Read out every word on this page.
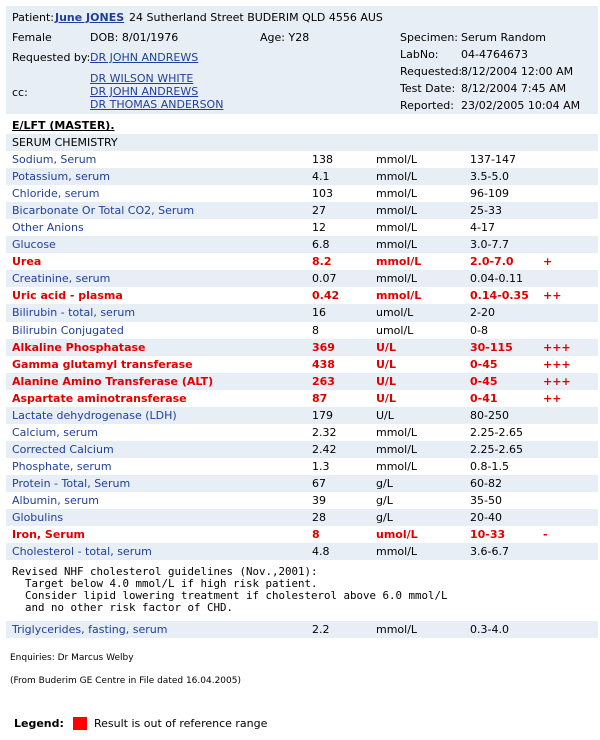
Patient: June JONES 24 Sutherland Street BUDERIM QLD 4556 AUS
Female	DOB: 8/01/1976	Age: Y28
Requested by: DR JOHN ANDREWS
cc:
DR WILSON WHITE
DR JOHN ANDREWS
DR THOMAS ANDERSON
Specimen: Serum Random
LabNo: 04-4764673
Requested:
8/12/2004 12:00 AM
Test Date: 8/12/2004 7:45 AM
Reported: 23/02/2005 10:04 AM
E/LFT (MASTER).
SERUM CHEMISTRY
Sodium, Serum	138	mmol/L	137-147
Potassium, serum	4.1	mmol/L	3.5-5.0
Chloride, serum	103	mmol/L	96-109
Bicarbonate Or Total CO2, Serum	27	mmol/L	25-33
Other Anions	12	mmol/L	4-17
Glucose	6.8	mmol/L	3.0-7.7
Urea	8.2	mmol/L	2.0-7.0	+
Creatinine, serum	0.07	mmol/L	0.04-0.11
Uric acid - plasma	0.42	mmol/L	0.14-0.35 ++
Bilirubin - total, serum	16	umol/L	2-20
Bilirubin Conjugated	8	umol/L	0-8
Alkaline Phosphatase	369	U/L	30-115	+++
Gamma glutamyl transferase	438	U/L	0-45	+++
Alanine Amino Transferase (ALT)	263	U/L	0-45	+++
Aspartate aminotransferase	87	U/L	0-41	++
Lactate dehydrogenase (LDH)	179	U/L	80-250
Calcium, serum	2.32	mmol/L	2.25-2.65
Corrected Calcium	2.42	mmol/L	2.25-2.65
Phosphate, serum	1.3	mmol/L	0.8-1.5
Protein - Total, Serum	67	g/L	60-82
Albumin, serum	39	g/L	35-50
Globulins	28	g/L	20-40
Iron, Serum	8	umol/L	10-33	-
Cholesterol - total, serum	4.8	mmol/L	3.6-6.7
Revised NHF cholesterol guidelines (Nov.,2001):
Target below 4.0 mmol/L if high risk patient.
Consider lipid lowering treatment if cholesterol above 6.0 mmol/L
and no other risk factor of CHD.
Triglycerides, fasting, serum	2.2	mmol/L	0.3-4.0
Enquiries: Dr Marcus Welby
(From Buderim GE Centre in File dated 16.04.2005)
Legend:	Result is out of reference range
